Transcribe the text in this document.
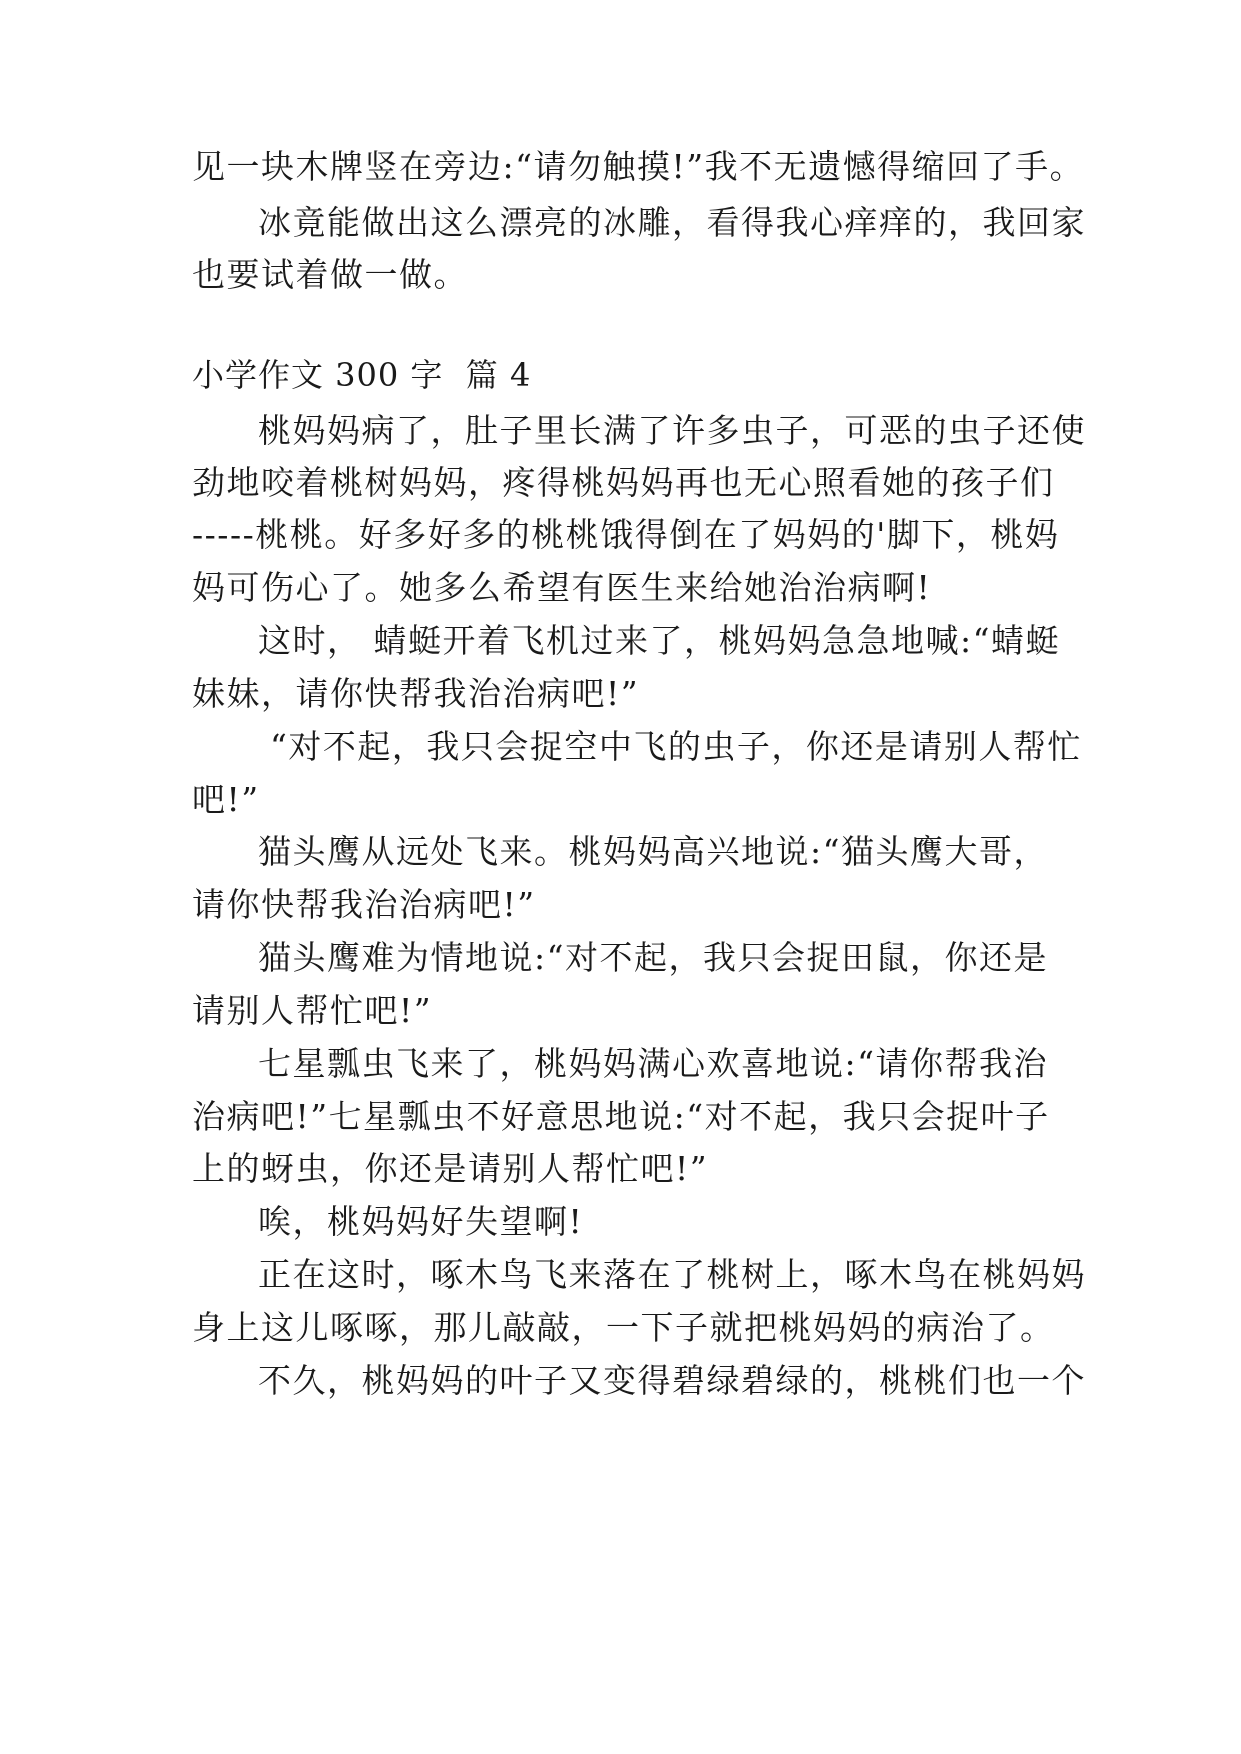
见一块木牌竖在旁边:“请勿触摸!”我不无遗憾得缩回了手。
冰竟能做出这么漂亮的冰雕，看得我心痒痒的，我回家
也要试着做一做。
小学作文 300 字  篇 4
桃妈妈病了，肚子里长满了许多虫子，可恶的虫子还使
劲地咬着桃树妈妈，疼得桃妈妈再也无心照看她的孩子们
-----桃桃。好多好多的桃桃饿得倒在了妈妈的'脚下，桃妈
妈可伤心了。她多么希望有医生来给她治治病啊!
这时， 蜻蜓开着飞机过来了，桃妈妈急急地喊:“蜻蜓
妹妹，请你快帮我治治病吧!”
“对不起，我只会捉空中飞的虫子，你还是请别人帮忙
吧!”
猫头鹰从远处飞来。桃妈妈高兴地说:“猫头鹰大哥，
请你快帮我治治病吧!”
猫头鹰难为情地说:“对不起，我只会捉田鼠，你还是
请别人帮忙吧!”
七星瓢虫飞来了，桃妈妈满心欢喜地说:“请你帮我治
治病吧!”七星瓢虫不好意思地说:“对不起，我只会捉叶子
上的蚜虫，你还是请别人帮忙吧!”
唉，桃妈妈好失望啊!
正在这时，啄木鸟飞来落在了桃树上，啄木鸟在桃妈妈
身上这儿啄啄，那儿敲敲，一下子就把桃妈妈的病治了。
不久，桃妈妈的叶子又变得碧绿碧绿的，桃桃们也一个
